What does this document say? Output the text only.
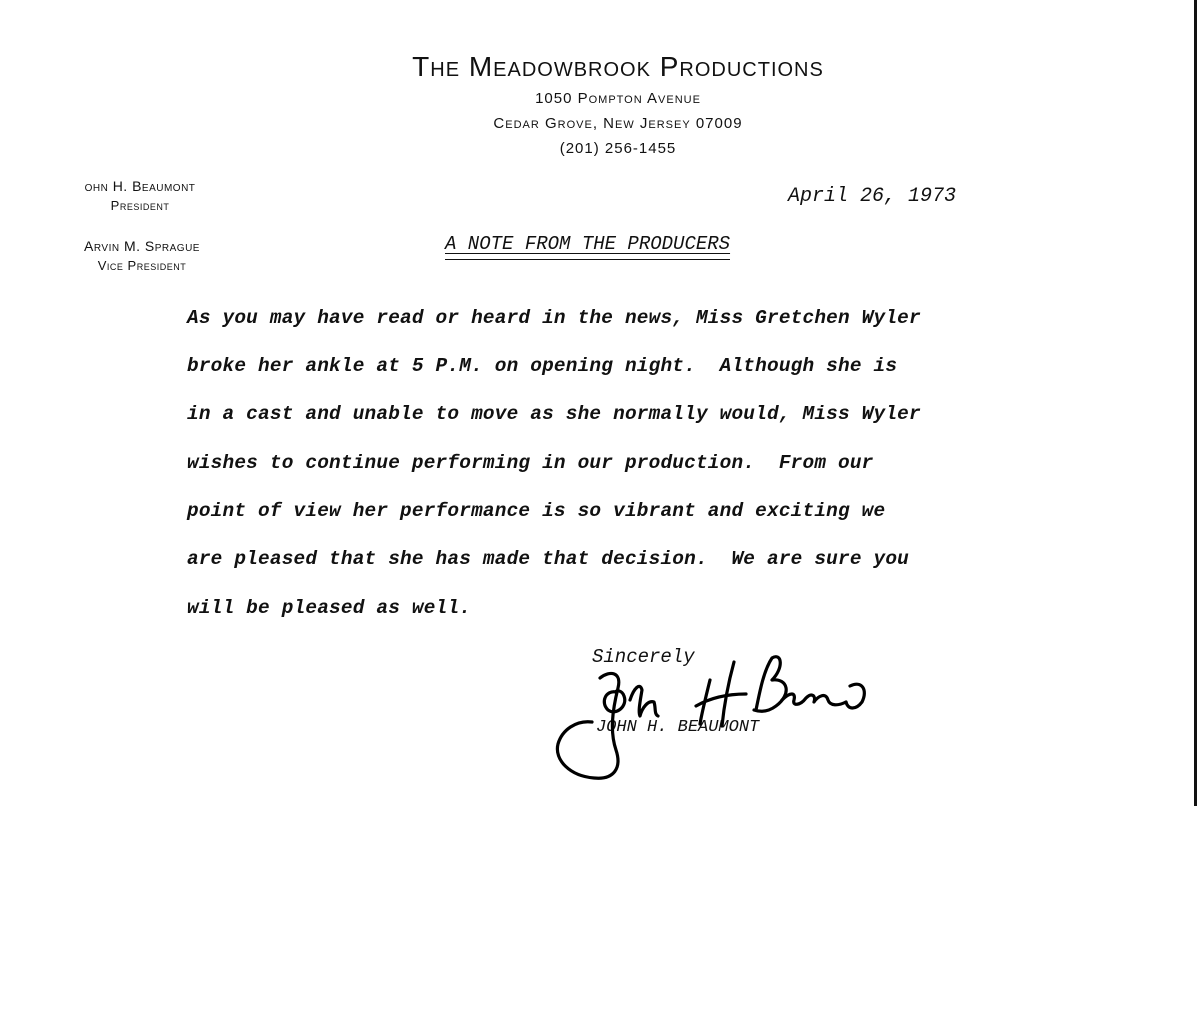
The Meadowbrook Productions
1050 Pompton Avenue
Cedar Grove, New Jersey 07009
(201) 256-1455
ohn H. Beaumont
President
Arvin M. Sprague
Vice President
April 26, 1973
A NOTE FROM THE PRODUCERS
As you may have read or heard in the news, Miss Gretchen Wyler
broke her ankle at 5 P.M. on opening night.  Although she is
in a cast and unable to move as she normally would, Miss Wyler
wishes to continue performing in our production.  From our
point of view her performance is so vibrant and exciting we
are pleased that she has made that decision.  We are sure you
will be pleased as well.
Sincerely
JOHN H. BEAUMONT
